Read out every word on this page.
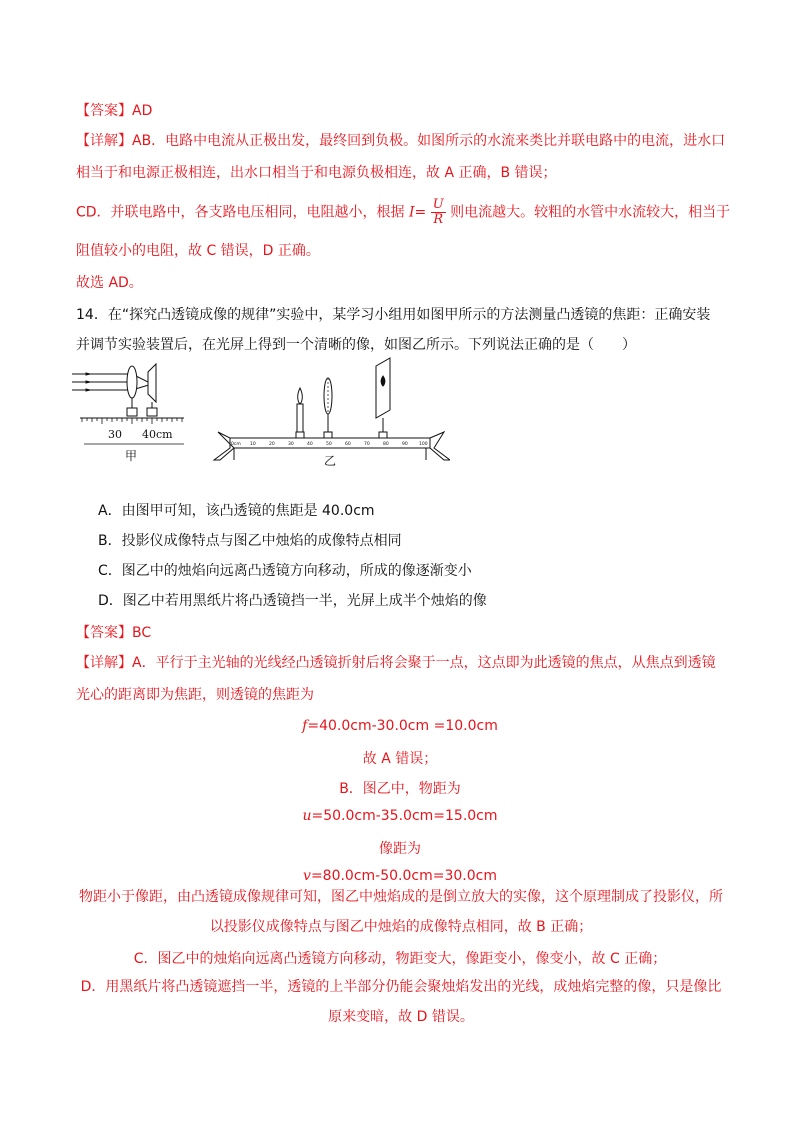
【答案】AD
【详解】AB．电路中电流从正极出发，最终回到负极。如图所示的水流来类比并联电路中的电流，进水口
相当于和电源正极相连，出水口相当于和电源负极相连，故 A 正确，B 错误；
CD．并联电路中，各支路电压相同，电阻越小，根据 $I= \frac{U}{R}$ 则电流越大。较粗的水管中水流较大，相当于
阻值较小的电阻，故 C 错误，D 正确。
故选 AD。
14．在“探究凸透镜成像的规律”实验中，某学习小组用如图甲所示的方法测量凸透镜的焦距：正确安装
并调节实验装置后，在光屏上得到一个清晰的像，如图乙所示。下列说法正确的是（　　）
30 40cm
甲
0cm 10	20	30	40	50	60	70	80	90	100
乙
A．由图甲可知，该凸透镜的焦距是 40.0cm
B．投影仪成像特点与图乙中烛焰的成像特点相同
C．图乙中的烛焰向远离凸透镜方向移动，所成的像逐渐变小
D．图乙中若用黑纸片将凸透镜挡一半，光屏上成半个烛焰的像
【答案】BC
【详解】A．平行于主光轴的光线经凸透镜折射后将会聚于一点，这点即为此透镜的焦点，从焦点到透镜
光心的距离即为焦距，则透镜的焦距为
f=40.0cm-30.0cm =10.0cm
故 A 错误；
B．图乙中，物距为
u=50.0cm-35.0cm=15.0cm
像距为
v=80.0cm-50.0cm=30.0cm
物距小于像距，由凸透镜成像规律可知，图乙中烛焰成的是倒立放大的实像，这个原理制成了投影仪，所以投影仪成像特点与图乙中烛焰的成像特点相同，故 B 正确；
C．图乙中的烛焰向远离凸透镜方向移动，物距变大，像距变小，像变小，故 C 正确；
D．用黑纸片将凸透镜遮挡一半，透镜的上半部分仍能会聚烛焰发出的光线，成烛焰完整的像，只是像比原来变暗，故 D 错误。
